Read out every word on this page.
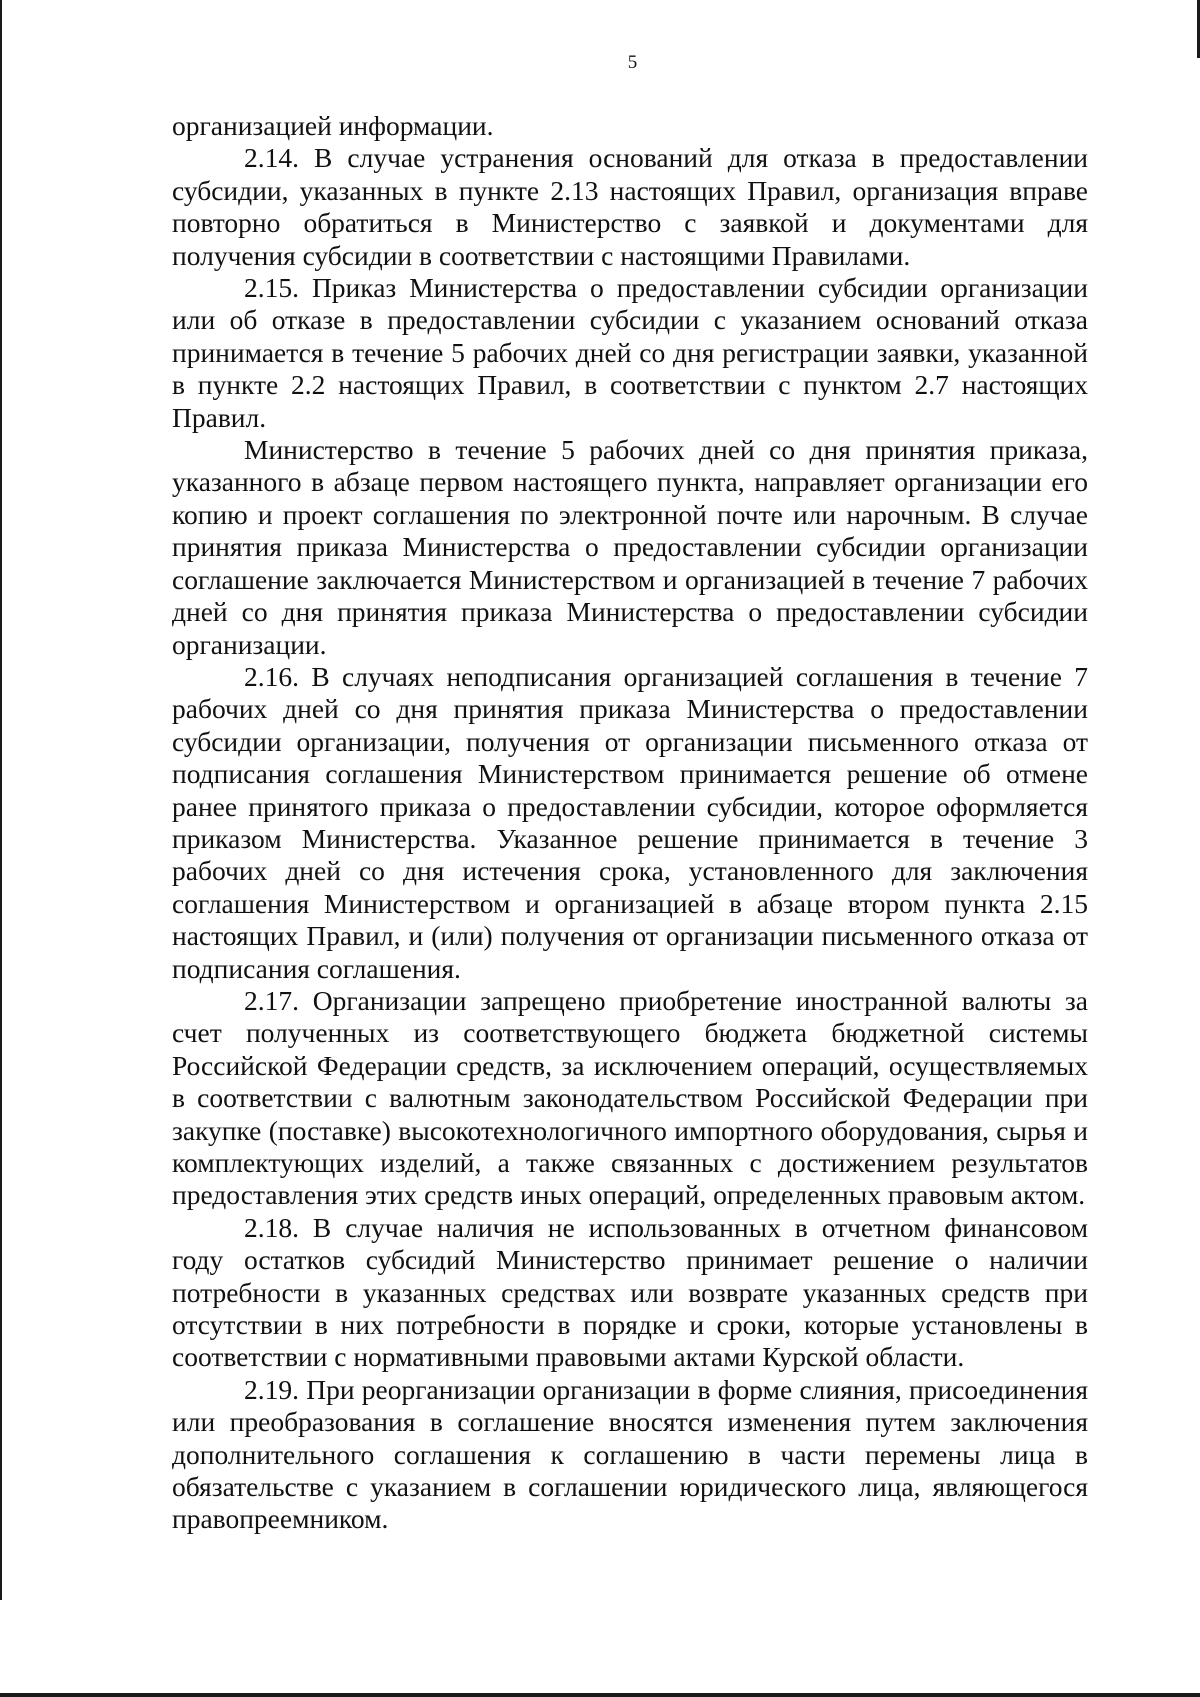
5

организацией информации.

2.14. В случае устранения оснований для отказа в предоставлении субсидии, указанных в пункте 2.13 настоящих Правил, организация вправе повторно обратиться в Министерство с заявкой и документами для получения субсидии в соответствии с настоящими Правилами.

2.15. Приказ Министерства о предоставлении субсидии организации или об отказе в предоставлении субсидии с указанием оснований отказа принимается в течение 5 рабочих дней со дня регистрации заявки, указанной в пункте 2.2 настоящих Правил, в соответствии с пунктом 2.7 настоящих Правил.

Министерство в течение 5 рабочих дней со дня принятия приказа, указанного в абзаце первом настоящего пункта, направляет организации его копию и проект соглашения по электронной почте или нарочным. В случае принятия приказа Министерства о предоставлении субсидии организации соглашение заключается Министерством и организацией в течение 7 рабочих дней со дня принятия приказа Министерства о предоставлении субсидии организации.

2.16. В случаях неподписания организацией соглашения в течение 7 рабочих дней со дня принятия приказа Министерства о предоставлении субсидии организации, получения от организации письменного отказа от подписания соглашения Министерством принимается решение об отмене ранее принятого приказа о предоставлении субсидии, которое оформляется приказом Министерства. Указанное решение принимается в течение 3 рабочих дней со дня истечения срока, установленного для заключения соглашения Министерством и организацией в абзаце втором пункта 2.15 настоящих Правил, и (или) получения от организации письменного отказа от подписания соглашения.

2.17. Организации запрещено приобретение иностранной валюты за счет полученных из соответствующего бюджета бюджетной системы Российской Федерации средств, за исключением операций, осуществляемых в соответствии с валютным законодательством Российской Федерации при закупке (поставке) высокотехнологичного импортного оборудования, сырья и комплектующих изделий, а также связанных с достижением результатов предоставления этих средств иных операций, определенных правовым актом.

2.18. В случае наличия не использованных в отчетном финансовом году остатков субсидий Министерство принимает решение о наличии потребности в указанных средствах или возврате указанных средств при отсутствии в них потребности в порядке и сроки, которые установлены в соответствии с нормативными правовыми актами Курской области.

2.19. При реорганизации организации в форме слияния, присоединения или преобразования в соглашение вносятся изменения путем заключения дополнительного соглашения к соглашению в части перемены лица в обязательстве с указанием в соглашении юридического лица, являющегося правопреемником.
